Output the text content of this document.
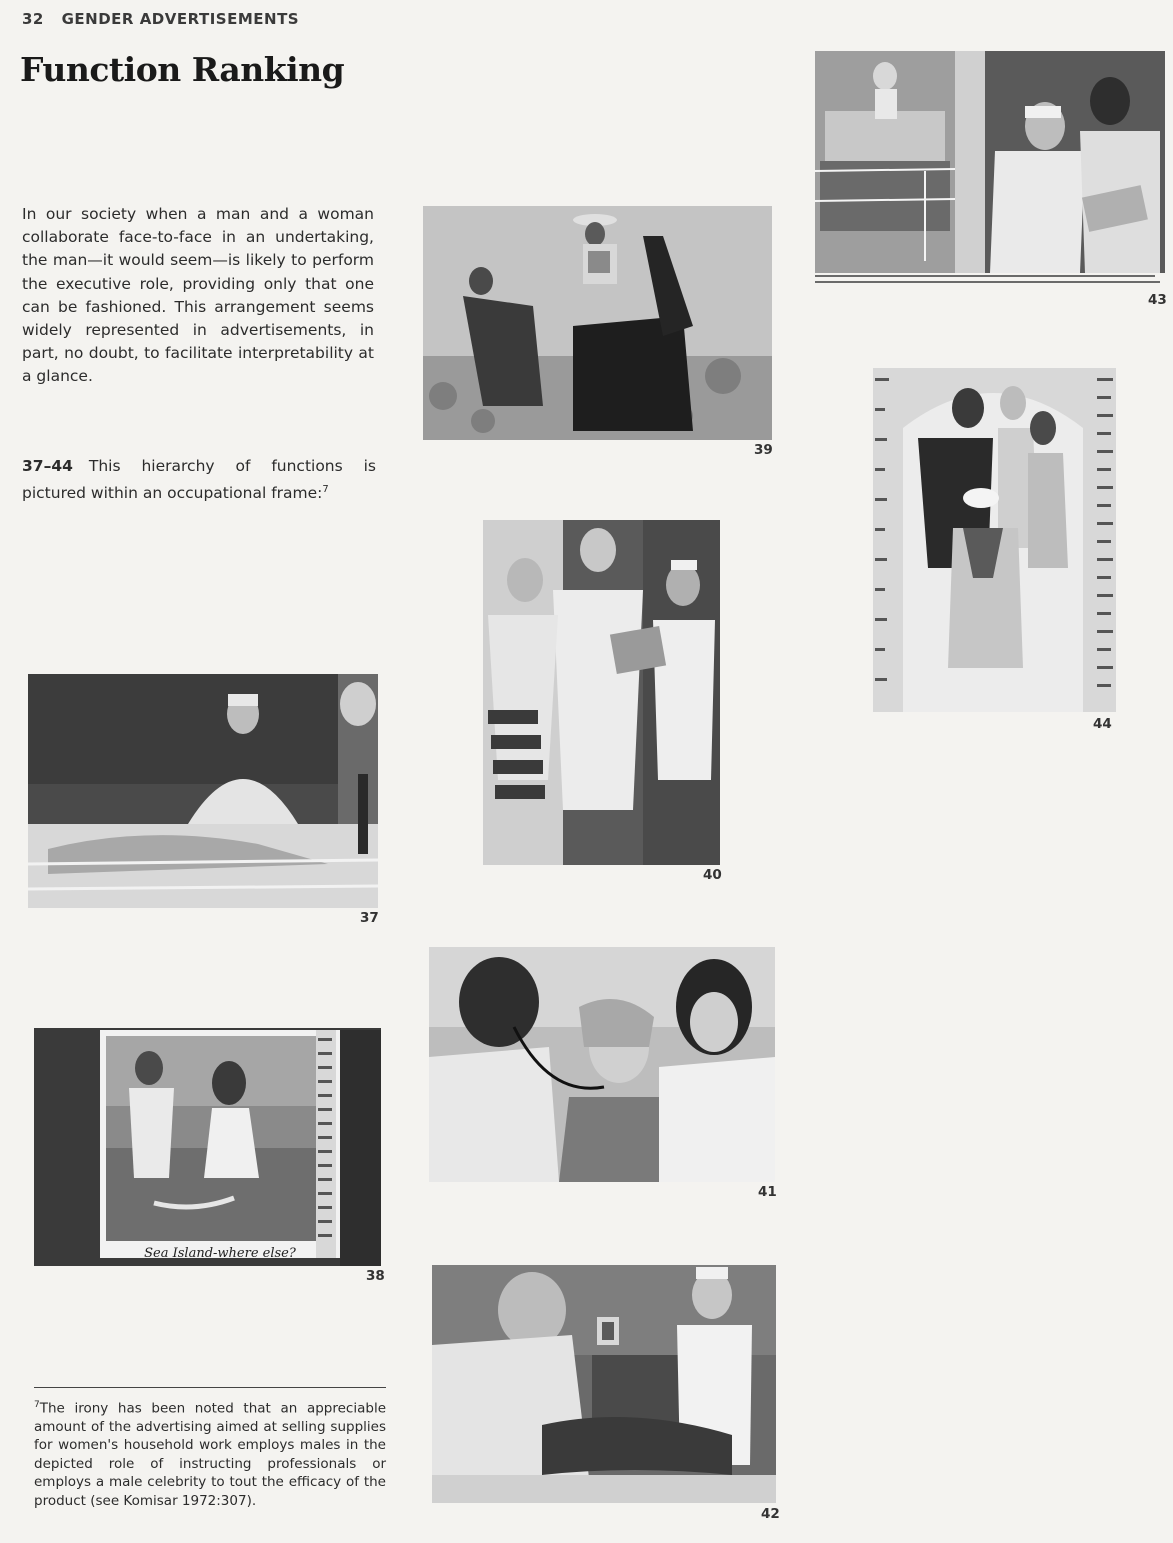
32 GENDER ADVERTISEMENTS
Function Ranking

In our society when a man and a woman collaborate face-to-face in an undertaking, the man—it would seem—is likely to perform the executive role, providing only that one can be fashioned. This arrangement seems widely represented in advertisements, in part, no doubt, to facilitate interpretability at a glance.

37–44 This hierarchy of functions is pictured within an occupational frame:$^7$

37
Sea Island-where else?
38
39
40
41
42
43
44

$^7$The irony has been noted that an appreciable amount of the advertising aimed at selling supplies for women's household work employs males in the depicted role of instructing professionals or employs a male celebrity to tout the efficacy of the product (see Komisar 1972:307).
